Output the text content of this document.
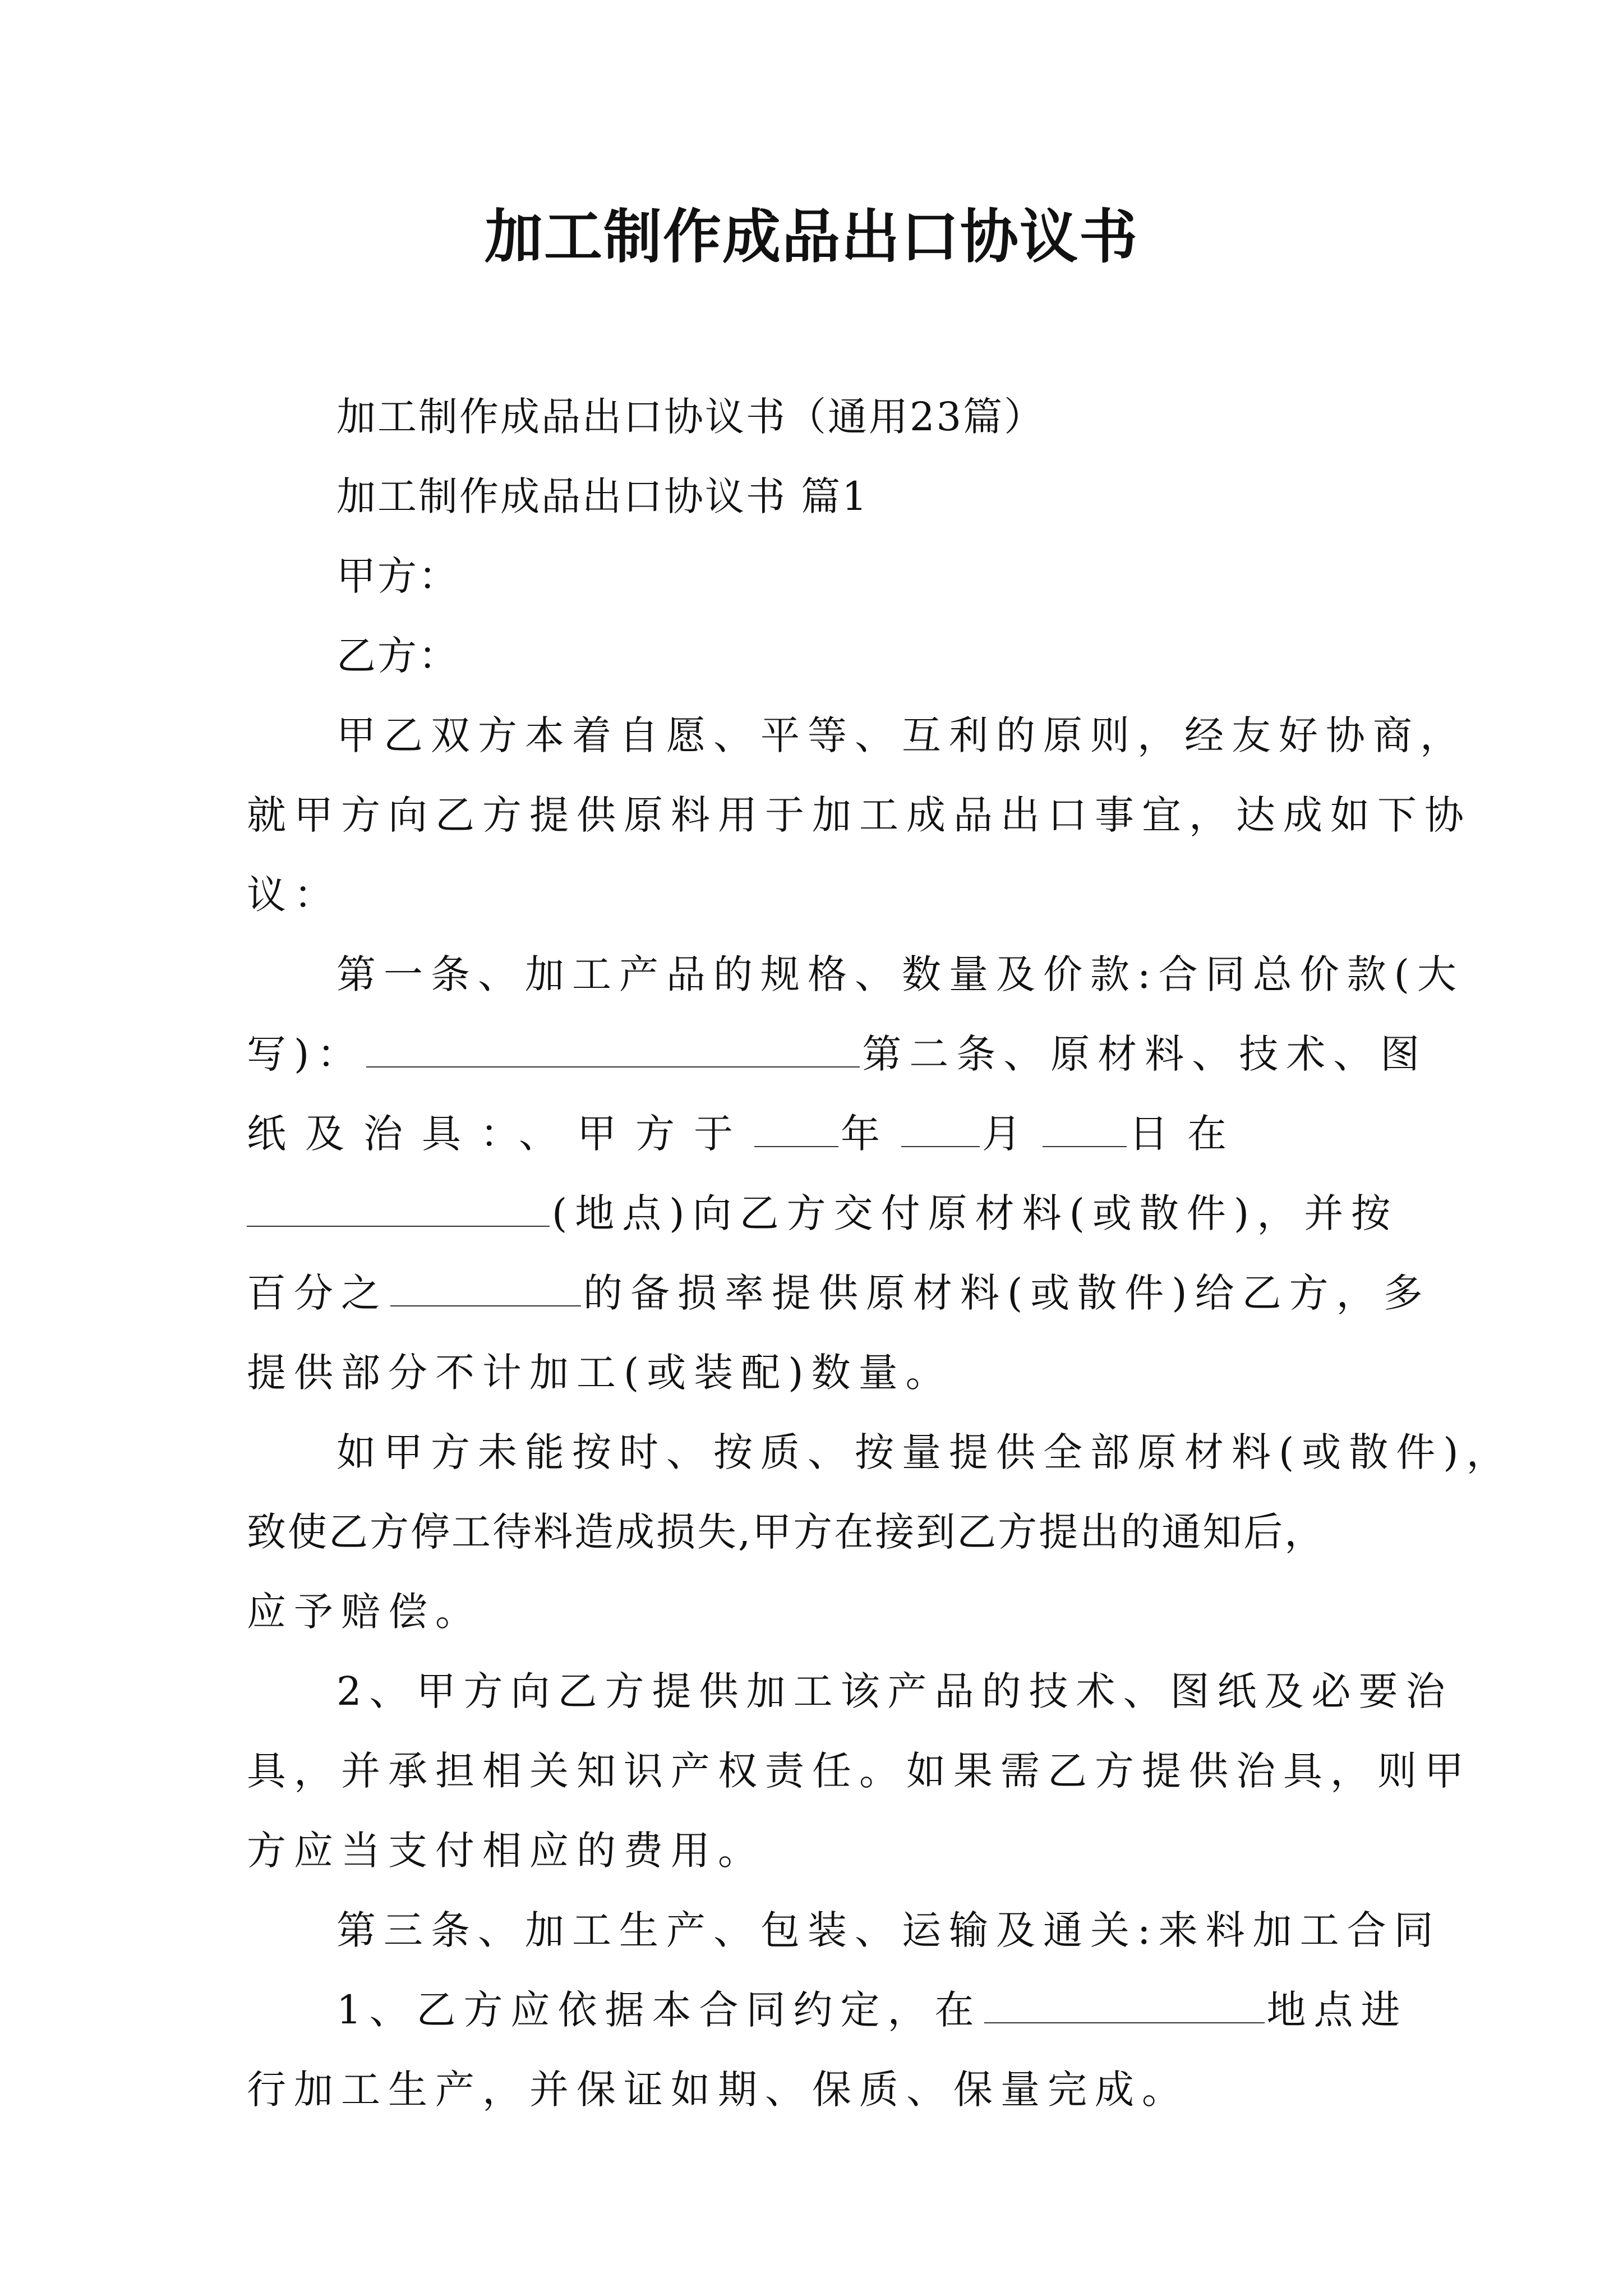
加工制作成品出口协议书
加工制作成品出口协议书（通用23篇）
加工制作成品出口协议书 篇1
甲方：
乙方：
甲乙双方本着自愿、平等、互利的原则，经友好协商，
就甲方向乙方提供原料用于加工成品出口事宜，达成如下协
议：
第一条、加工产品的规格、数量及价款:合同总价款(大
写)：	第二条、原材料、技术、图
纸及治具：、甲方于 年 月 日在
(地点)向乙方交付原材料(或散件)，并按
百分之	的备损率提供原材料(或散件)给乙方，多
提供部分不计加工(或装配)数量。
如甲方未能按时、按质、按量提供全部原材料(或散件)，
致使乙方停工待料造成损失,甲方在接到乙方提出的通知后，
应予赔偿。
2、甲方向乙方提供加工该产品的技术、图纸及必要治
具，并承担相关知识产权责任。如果需乙方提供治具，则甲
方应当支付相应的费用。
第三条、加工生产、包装、运输及通关:来料加工合同
1、乙方应依据本合同约定，在	地点进
行加工生产，并保证如期、保质、保量完成。
